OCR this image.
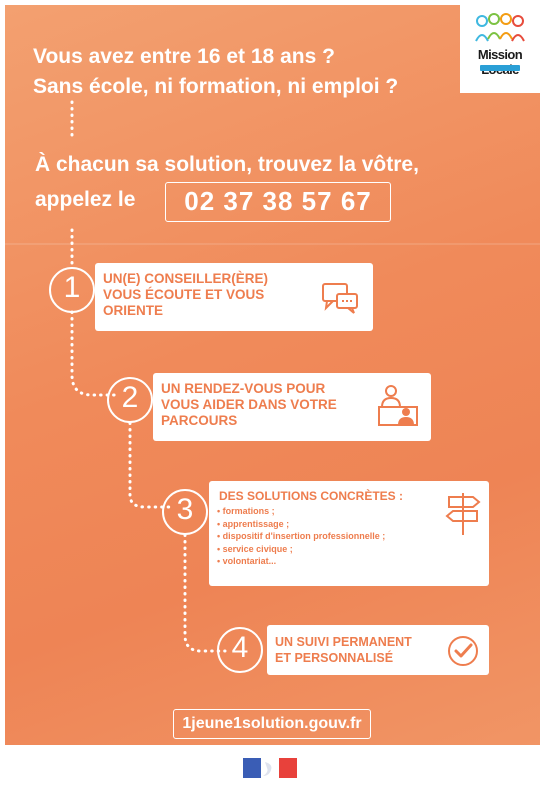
Vous avez entre 16 et 18 ans ?
Sans école, ni formation, ni emploi ?
À chacun sa solution, trouvez la vôtre,
appelez le	02 37 38 57 67
1	UN(E) CONSEILLER(ÈRE)
VOUS ÉCOUTE ET VOUS
ORIENTE
2	UN RENDEZ-VOUS POUR
VOUS AIDER DANS VOTRE
PARCOURS
3	DES SOLUTIONS CONCRÈTES :
• formations ;
• apprentissage ;
• dispositif d'insertion professionnelle ;
• service civique ;
• volontariat...
4	UN SUIVI PERMANENT
ET PERSONNALISÉ
1jeune1solution.gouv.fr
Mission
